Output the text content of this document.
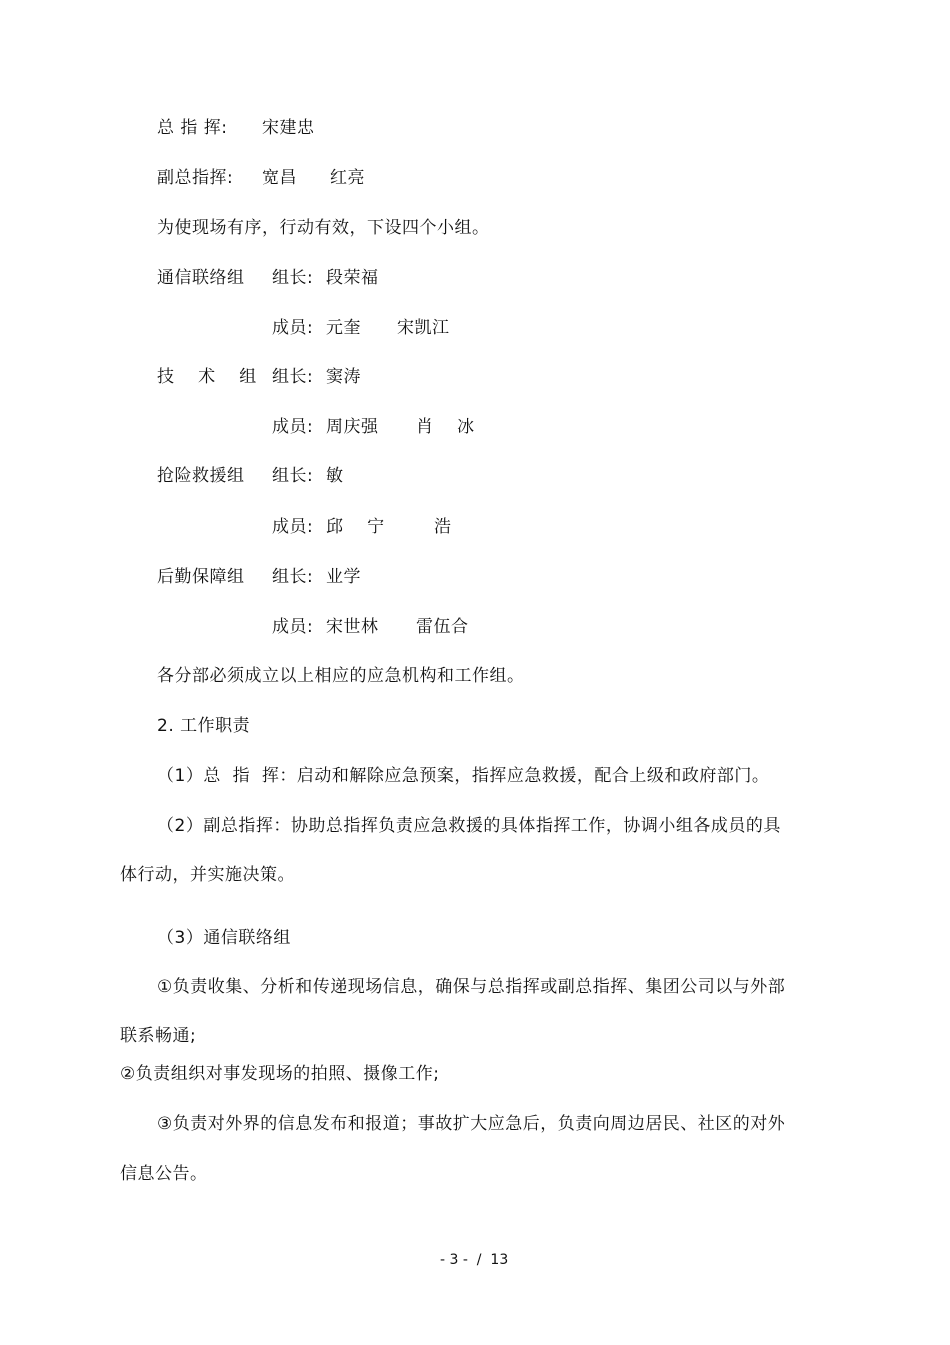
总 指 挥: 宋建忠
副总指挥: 宽昌 红亮
为使现场有序，行动有效，下设四个小组。
通信联络组 组长: 段荣福
成员: 元奎 宋凯江
技    术    组 组长: 窦涛
成员: 周庆强 肖    冰
抢险救援组 组长: 敏
成员: 邱    宁	浩
后勤保障组 组长: 业学
成员: 宋世林 雷伍合
各分部必须成立以上相应的应急机构和工作组。
2. 工作职责
（1）总  指  挥：启动和解除应急预案，指挥应急救援，配合上级和政府部门。
（2）副总指挥：协助总指挥负责应急救援的具体指挥工作，协调小组各成员的具
体行动，并实施决策。
（3）通信联络组
①负责收集、分析和传递现场信息，确保与总指挥或副总指挥、集团公司以与外部
联系畅通;
②负责组织对事发现场的拍照、摄像工作;
③负责对外界的信息发布和报道；事故扩大应急后，负责向周边居民、社区的对外
信息公告。
- 3 -  /  13
